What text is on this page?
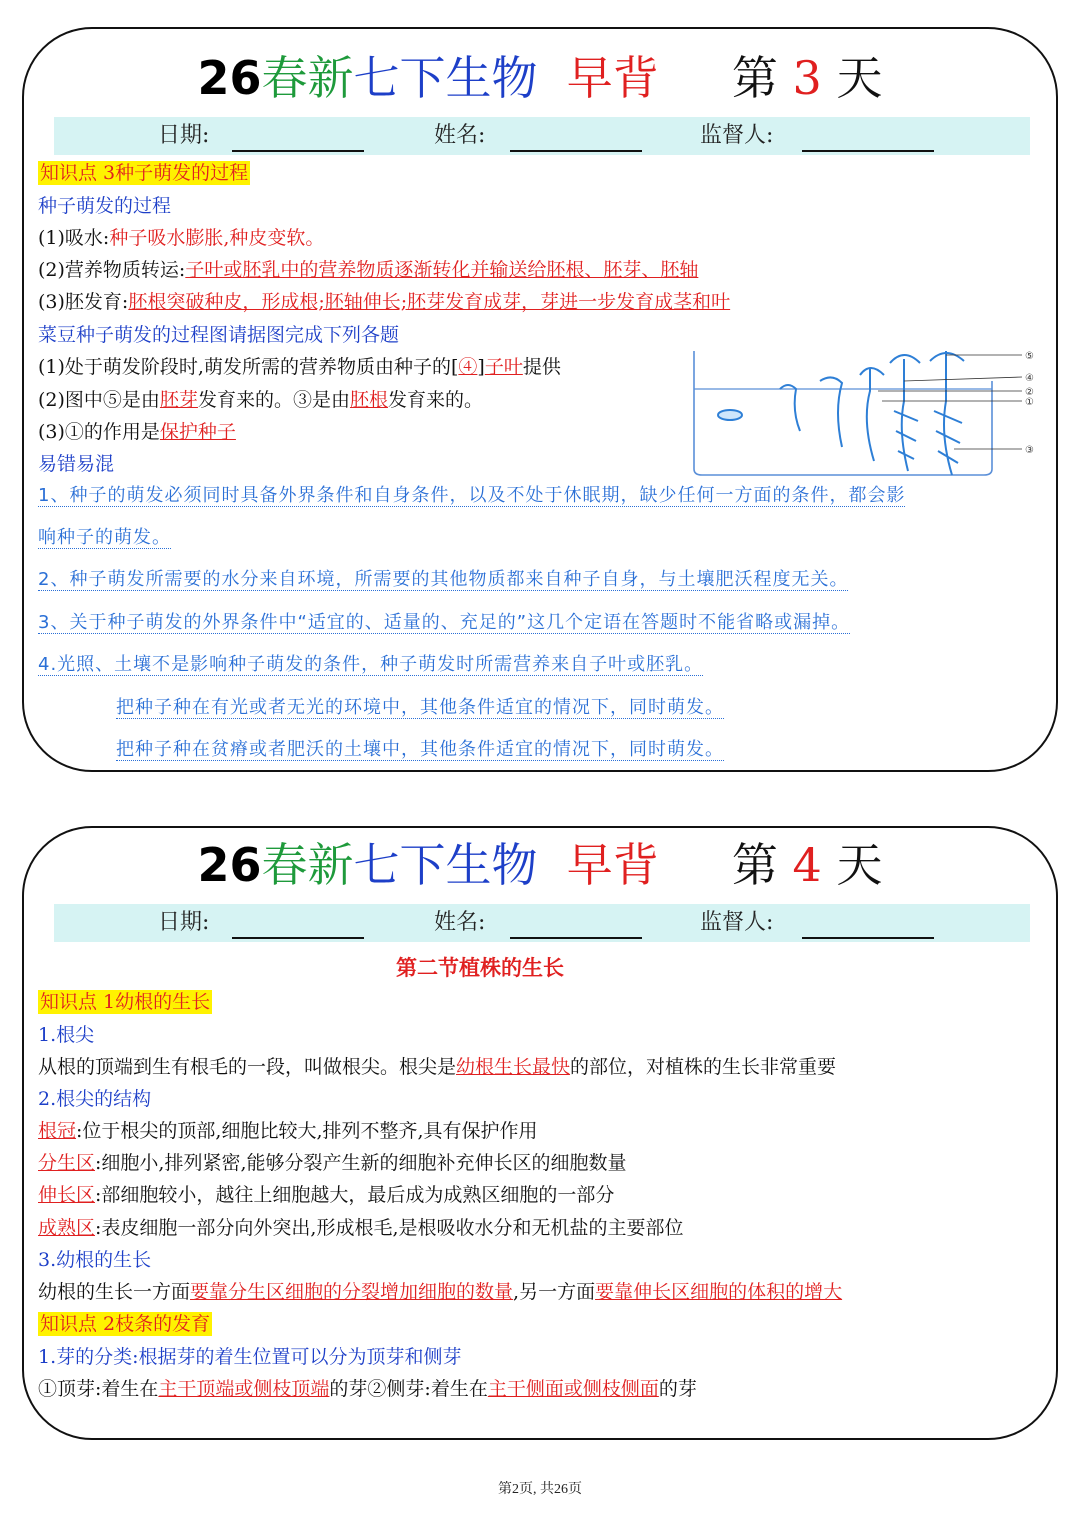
26春新七下生物 早背 第 3 天
日期:	姓名:	监督人:
知识点 3种子萌发的过程
种子萌发的过程
(1)吸水:种子吸水膨胀,种皮变软。
(2)营养物质转运:子叶或胚乳中的营养物质逐渐转化并输送给胚根、胚芽、胚轴
(3)胚发育:胚根突破种皮，形成根;胚轴伸长;胚芽发育成芽，芽进一步发育成茎和叶
菜豆种子萌发的过程图请据图完成下列各题
(1)处于萌发阶段时,萌发所需的营养物质由种子的[④]子叶提供
(2)图中⑤是由胚芽发育来的。③是由胚根发育来的。
(3)①的作用是保护种子
⑤
④
②
①
③
易错易混
1、种子的萌发必须同时具备外界条件和自身条件，以及不处于休眠期，缺少任何一方面的条件，都会影
响种子的萌发。
2、种子萌发所需要的水分来自环境，所需要的其他物质都来自种子自身，与土壤肥沃程度无关。
3、关于种子萌发的外界条件中“适宜的、适量的、充足的”这几个定语在答题时不能省略或漏掉。
4.光照、土壤不是影响种子萌发的条件，种子萌发时所需营养来自子叶或胚乳。
把种子种在有光或者无光的环境中，其他条件适宜的情况下，同时萌发。
把种子种在贫瘠或者肥沃的土壤中，其他条件适宜的情况下，同时萌发。
26春新七下生物 早背 第 4 天
日期:	姓名:	监督人:
第二节植株的生长
知识点 1幼根的生长
1.根尖
从根的顶端到生有根毛的一段，叫做根尖。根尖是幼根生长最快的部位，对植株的生长非常重要
2.根尖的结构
根冠:位于根尖的顶部,细胞比较大,排列不整齐,具有保护作用
分生区:细胞小,排列紧密,能够分裂产生新的细胞补充伸长区的细胞数量
伸长区:部细胞较小，越往上细胞越大，最后成为成熟区细胞的一部分
成熟区:表皮细胞一部分向外突出,形成根毛,是根吸收水分和无机盐的主要部位
3.幼根的生长
幼根的生长一方面要靠分生区细胞的分裂增加细胞的数量,另一方面要靠伸长区细胞的体积的增大
知识点 2枝条的发育
1.芽的分类:根据芽的着生位置可以分为顶芽和侧芽
①顶芽:着生在主干顶端或侧枝顶端的芽②侧芽:着生在主干侧面或侧枝侧面的芽
第2页, 共26页
